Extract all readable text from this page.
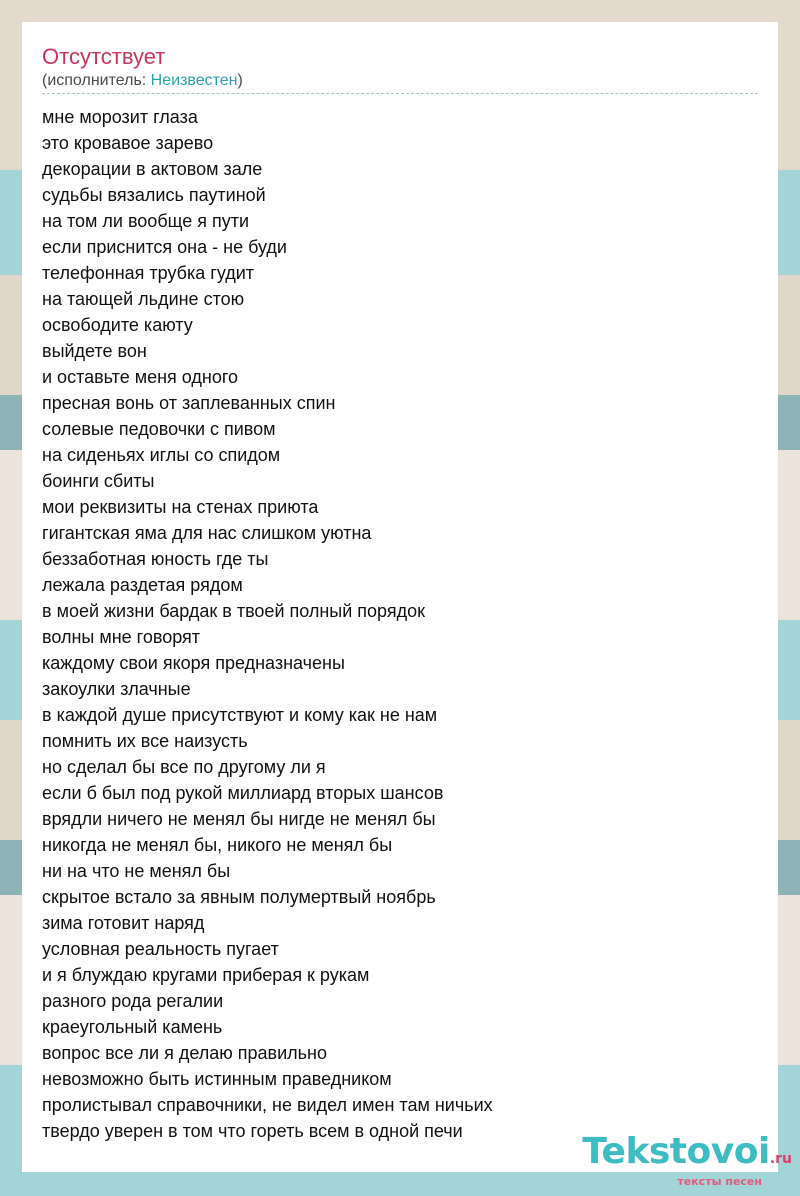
Отсутствует
(исполнитель: Неизвестен)
мне морозит глаза
это кровавое зарево
декорации в актовом зале
судьбы вязались паутиной
на том ли вообще я пути
если приснится она - не буди
телефонная трубка гудит
на тающей льдине стою
освободите каюту
выйдете вон
и оставьте меня одного
пресная вонь от заплеванных спин
солевые педовочки с пивом
на сиденьях иглы со спидом
боинги сбиты
мои реквизиты на стенах приюта
гигантская яма для нас слишком уютна
беззаботная юность где ты
лежала раздетая рядом
в моей жизни бардак в твоей полный порядок
волны мне говорят
каждому свои якоря предназначены
закоулки злачные
в каждой душе присутствуют и кому как не нам
помнить их все наизусть
но сделал бы все по другому ли я
если б был под рукой миллиард вторых шансов
врядли ничего не менял бы нигде не менял бы
никогда не менял бы, никого не менял бы
ни на что не менял бы
скрытое встало за явным полумертвый ноябрь
зима готовит наряд
условная реальность пугает
и я блуждаю кругами приберая к рукам
разного рода регалии
краеугольный камень
вопрос все ли я делаю правильно
невозможно быть истинным праведником
пролистывал справочники, не видел имен там ничьих
твердо уверен в том что гореть всем в одной печи	Tekstovoi.ru
тексты песен
